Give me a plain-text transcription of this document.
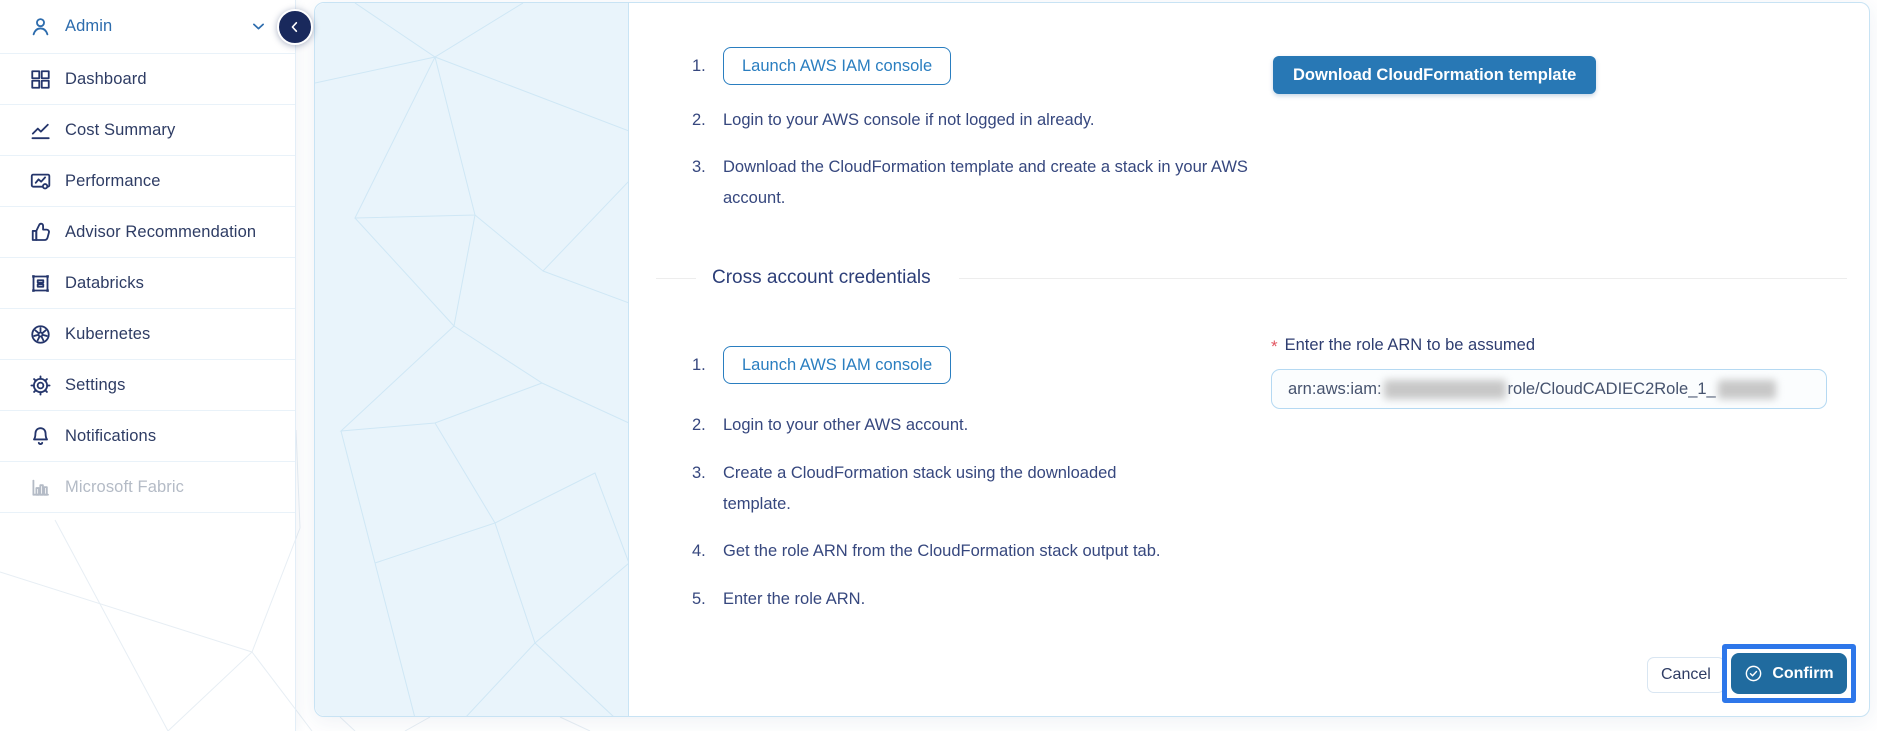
Admin
Dashboard
Cost Summary
Performance
Advisor Recommendation
Databricks
Kubernetes
Settings
Notifications
Microsoft Fabric
1.	Launch AWS IAM console
2.	Login to your AWS console if not logged in already.
3.	Download the CloudFormation template and create a stack in your AWS account.
Download CloudFormation template
Cross account credentials
1.	Launch AWS IAM console
2.	Login to your other AWS account.
3.	Create a CloudFormation stack using the downloaded template.
4.	Get the role ARN from the CloudFormation stack output tab.
5.	Enter the role ARN.
* Enter the role ARN to be assumed
arn:aws:iam:	role/CloudCADIEC2Role_1_
Cancel	Confirm
